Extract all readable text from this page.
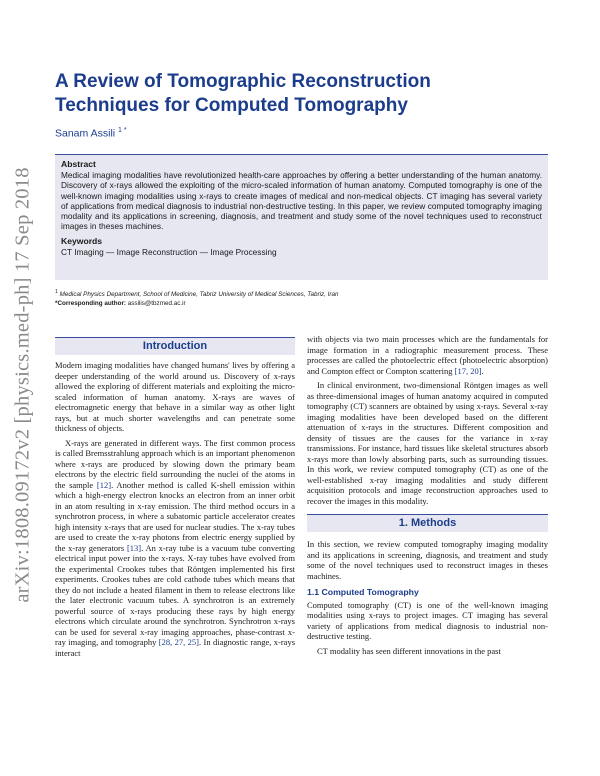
arXiv:1808.09172v2 [physics.med-ph] 17 Sep 2018
A Review of Tomographic Reconstruction
Techniques for Computed Tomography
Sanam Assili $^{1 *}$
Abstract

Medical imaging modalities have revolutionized health-care approaches by offering a better understanding of the human anatomy. Discovery of x-rays allowed the exploiting of the micro-scaled information of human anatomy. Computed tomography is one of the well-known imaging modalities using x-rays to create images of medical and non-medical objects. CT imaging has several variety of applications from medical diagnosis to industrial non-destructive testing. In this paper, we review computed tomography imaging modality and its applications in screening, diagnosis, and treatment and study some of the novel techniques used to reconstruct images in theses machines.

Keywords

CT Imaging — Image Reconstruction — Image Processing

$^1$ Medical Physics Department, School of Medicine, Tabriz University of Medical Sciences, Tabriz, Iran
*Corresponding author: assilis@tbzmed.ac.ir
Introduction

Modern imaging modalities have changed humans' lives by offering a deeper understanding of the world around us. Discovery of x-rays allowed the exploring of different materials and exploiting the micro-scaled information of human anatomy. X-rays are waves of electromagnetic energy that behave in a similar way as other light rays, but at much shorter wavelengths and can penetrate some thickness of objects.

X-rays are generated in different ways. The first common process is called Bremsstrahlung approach which is an important phenomenon where x-rays are produced by slowing down the primary beam electrons by the electric field surrounding the nuclei of the atoms in the sample [12]. Another method is called K-shell emission within which a high-energy electron knocks an electron from an inner orbit in an atom resulting in x-ray emission. The third method occurs in a synchrotron process, in where a subatomic particle accelerator creates high intensity x-rays that are used for nuclear studies. The x-ray tubes are used to create the x-ray photons from electric energy supplied by the x-ray generators [13]. An x-ray tube is a vacuum tube converting electrical input power into the x-rays. X-ray tubes have evolved from the experimental Crookes tubes that Röntgen implemented his first experiments. Crookes tubes are cold cathode tubes which means that they do not include a heated filament in them to release electrons like the later electronic vacuum tubes. A synchrotron is an extremely powerful source of x-rays producing these rays by high energy electrons which circulate around the synchrotron. Synchrotron x-rays can be used for several x-ray imaging approaches, phase-contrast x-ray imaging, and tomography [28, 27, 25]. In diagnostic range, x-rays interact

with objects via two main processes which are the fundamentals for image formation in a radiographic measurement process. These processes are called the photoelectric effect (photoelectric absorption) and Compton effect or Compton scattering [17, 20].

In clinical environment, two-dimensional Röntgen images as well as three-dimensional images of human anatomy acquired in computed tomography (CT) scanners are obtained by using x-rays. Several x-ray imaging modalities have been developed based on the different attenuation of x-rays in the structures. Different composition and density of tissues are the causes for the variance in x-ray transmissions. For instance, hard tissues like skeletal structures absorb x-rays more than lowly absorbing parts, such as surrounding tissues. In this work, we review computed tomography (CT) as one of the well-established x-ray imaging modalities and study different acquisition protocols and image reconstruction approaches used to recover the images in this modality.

1. Methods

In this section, we review computed tomography imaging modality and its applications in screening, diagnosis, and treatment and study some of the novel techniques used to reconstruct images in theses machines.

1.1 Computed Tomography

Computed tomography (CT) is one of the well-known imaging modalities using x-rays to project images. CT imaging has several variety of applications from medical diagnosis to industrial non-destructive testing.

CT modality has seen different innovations in the past
